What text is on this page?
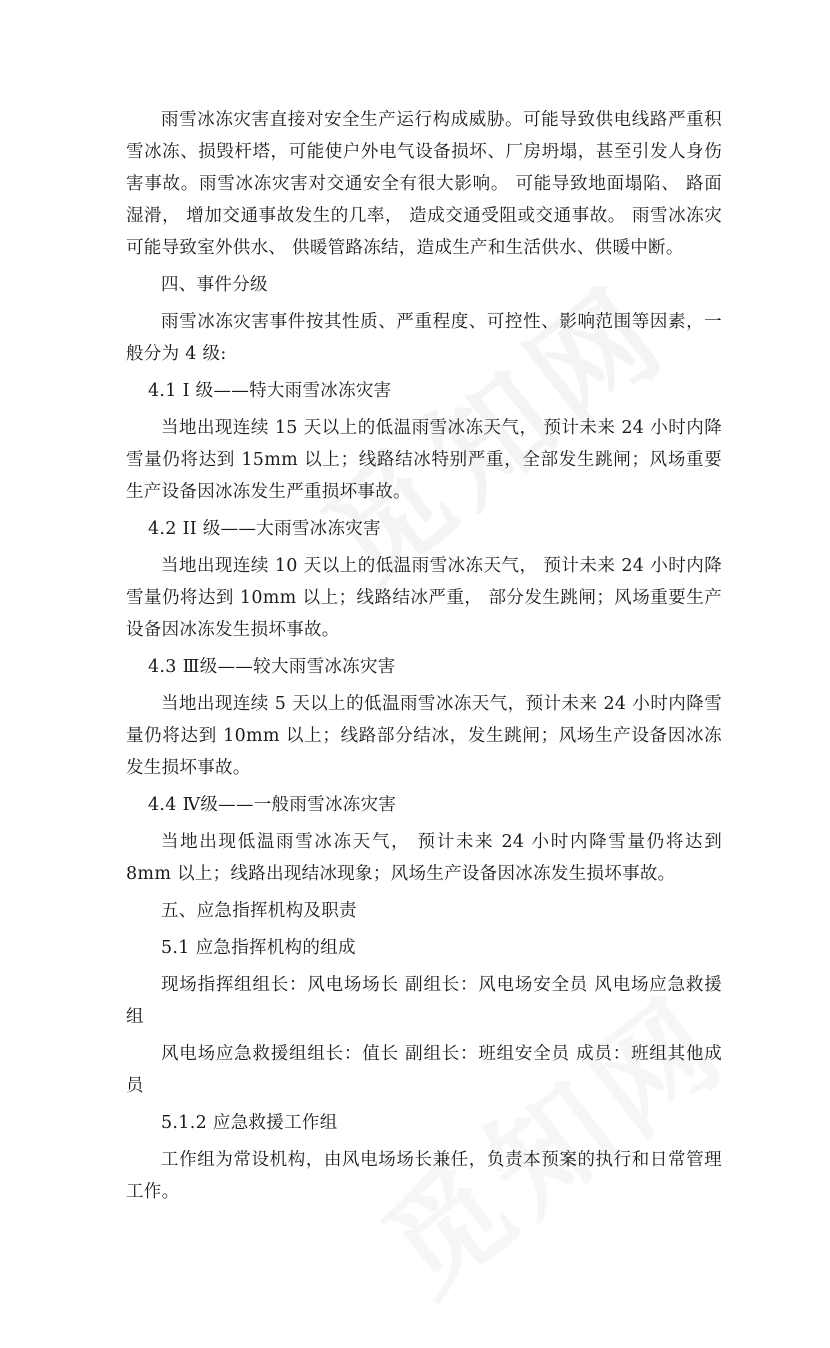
雨雪冰冻灾害直接对安全生产运行构成威胁。可能导致供电线路严重积雪冰冻、损毁杆塔，可能使户外电气设备损坏、厂房坍塌，甚至引发人身伤害事故。雨雪冰冻灾害对交通安全有很大影响。 可能导致地面塌陷、 路面湿滑， 增加交通事故发生的几率， 造成交通受阻或交通事故。 雨雪冰冻灾可能导致室外供水、 供暖管路冻结，造成生产和生活供水、供暖中断。

四、事件分级

雨雪冰冻灾害事件按其性质、严重程度、可控性、影响范围等因素，一般分为 4 级:

4.1 I 级——特大雨雪冰冻灾害

当地出现连续 15 天以上的低温雨雪冰冻天气， 预计未来 24 小时内降雪量仍将达到 15mm 以上；线路结冰特别严重，全部发生跳闸；风场重要生产设备因冰冻发生严重损坏事故。

4.2 II 级——大雨雪冰冻灾害

当地出现连续 10 天以上的低温雨雪冰冻天气， 预计未来 24 小时内降雪量仍将达到 10mm 以上；线路结冰严重， 部分发生跳闸；风场重要生产设备因冰冻发生损坏事故。

4.3 Ⅲ级——较大雨雪冰冻灾害

当地出现连续 5 天以上的低温雨雪冰冻天气，预计未来 24 小时内降雪量仍将达到 10mm 以上；线路部分结冰，发生跳闸；风场生产设备因冰冻发生损坏事故。

4.4 Ⅳ级——一般雨雪冰冻灾害

当地出现低温雨雪冰冻天气， 预计未来 24 小时内降雪量仍将达到 8mm 以上；线路出现结冰现象；风场生产设备因冰冻发生损坏事故。

五、应急指挥机构及职责

5.1 应急指挥机构的组成

现场指挥组组长：风电场场长 副组长：风电场安全员 风电场应急救援组

风电场应急救援组组长：值长 副组长：班组安全员 成员：班组其他成员

5.1.2 应急救援工作组

工作组为常设机构，由风电场场长兼任，负责本预案的执行和日常管理工作。
